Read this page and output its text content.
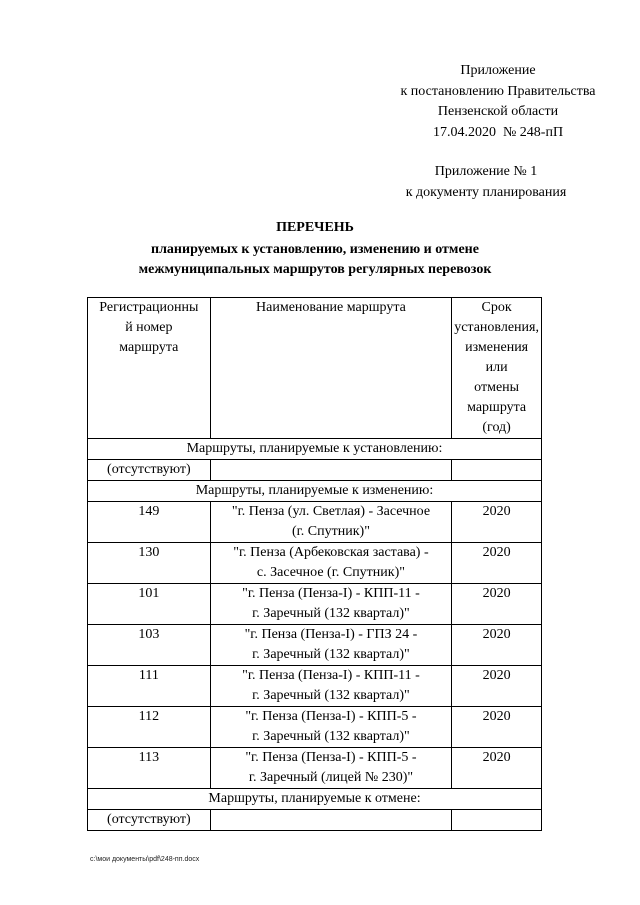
Приложение
к постановлению Правительства
Пензенской области
17.04.2020  № 248-пП
Приложение № 1
к документу планирования
ПЕРЕЧЕНЬ
планируемых к установлению, изменению и отмене
межмуниципальных маршрутов регулярных перевозок
Регистрационны
й номер
маршрута	Наименование маршрута	Срок
установления,
изменения или
отмены маршрута
(год)

Маршруты, планируемые к установлению:		
(отсутствуют)		
Маршруты, планируемые к изменению:		
149	"г. Пенза (ул. Светлая) - Засечное
(г. Спутник)"	2020
130	"г. Пенза (Арбековская застава) -
с. Засечное (г. Спутник)"	2020
101	"г. Пенза (Пенза-I) - КПП-11 -
г. Заречный (132 квартал)"	2020
103	"г. Пенза (Пенза-I) - ГПЗ 24 -
г. Заречный (132 квартал)"	2020
111	"г. Пенза (Пенза-I) - КПП-11 -
г. Заречный (132 квартал)"	2020
112	"г. Пенза (Пенза-I) - КПП-5 -
г. Заречный (132 квартал)"	2020
113	"г. Пенза (Пенза-I) - КПП-5 -
г. Заречный (лицей № 230)"	2020
Маршруты, планируемые к отмене:		
(отсутствуют)		
c:\мои документы\pdf\248-пп.docx
